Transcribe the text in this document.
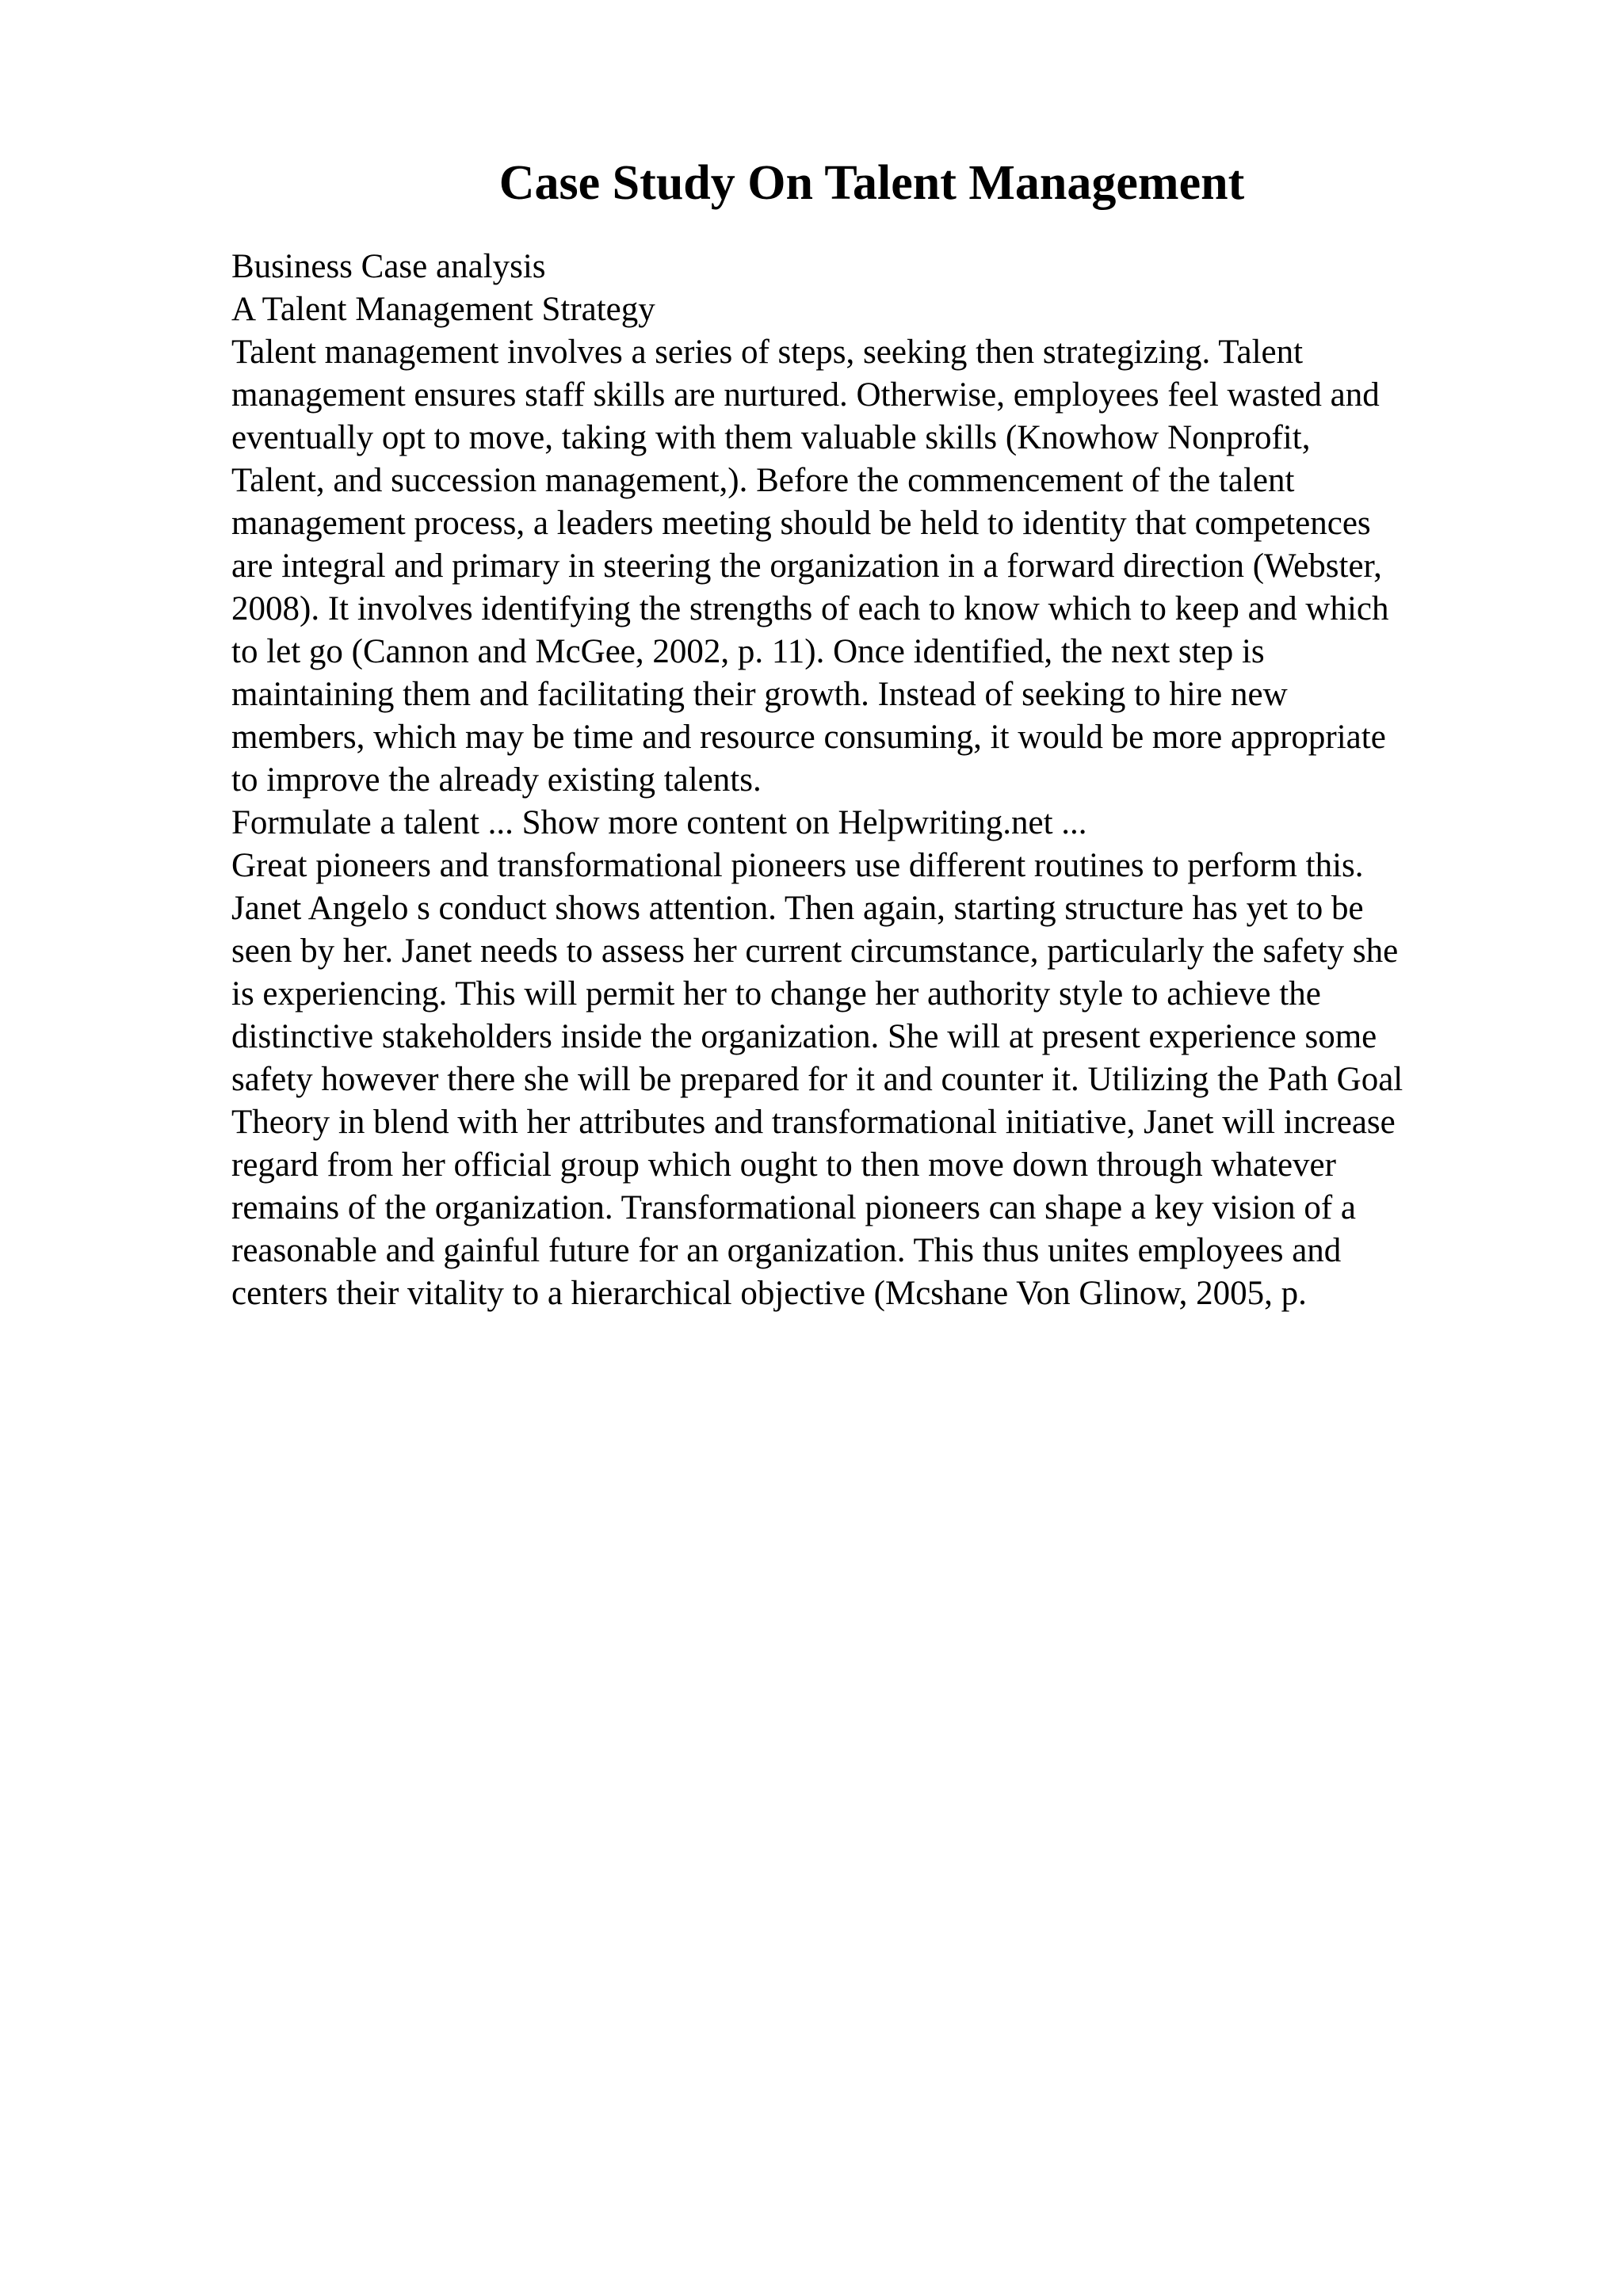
Case Study On Talent Management
Business Case analysis
A Talent Management Strategy
Talent management involves a series of steps, seeking then strategizing. Talent
management ensures staff skills are nurtured. Otherwise, employees feel wasted and
eventually opt to move, taking with them valuable skills (Knowhow Nonprofit,
Talent, and succession management,). Before the commencement of the talent
management process, a leaders meeting should be held to identity that competences
are integral and primary in steering the organization in a forward direction (Webster,
2008). It involves identifying the strengths of each to know which to keep and which
to let go (Cannon and McGee, 2002, p. 11). Once identified, the next step is
maintaining them and facilitating their growth. Instead of seeking to hire new
members, which may be time and resource consuming, it would be more appropriate
to improve the already existing talents.
Formulate a talent ... Show more content on Helpwriting.net ...
Great pioneers and transformational pioneers use different routines to perform this.
Janet Angelo s conduct shows attention. Then again, starting structure has yet to be
seen by her. Janet needs to assess her current circumstance, particularly the safety she
is experiencing. This will permit her to change her authority style to achieve the
distinctive stakeholders inside the organization. She will at present experience some
safety however there she will be prepared for it and counter it. Utilizing the Path Goal
Theory in blend with her attributes and transformational initiative, Janet will increase
regard from her official group which ought to then move down through whatever
remains of the organization. Transformational pioneers can shape a key vision of a
reasonable and gainful future for an organization. This thus unites employees and
centers their vitality to a hierarchical objective (Mcshane Von Glinow, 2005, p.
